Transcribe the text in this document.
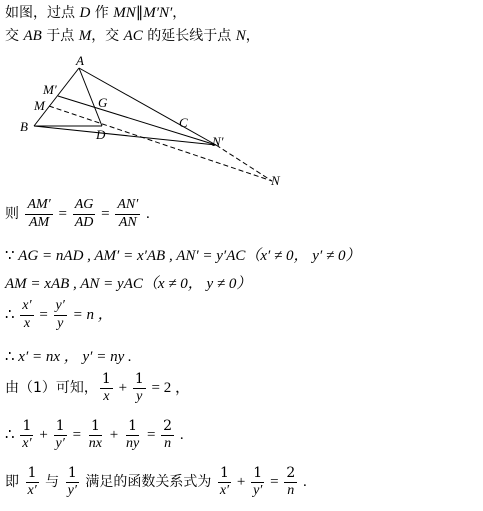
如图，过点 D 作 MN∥M′N′，
交 AB 于点 M，交 AC 的延长线于点 N，
A
M′
M	G
B
D
C
N′
N
则 $\frac{AM'}{AM} = \frac{AG}{AD} = \frac{AN'}{AN}$ .
∵ AG = nAD , AM′ = x′AB , AN′ = y′AC（x′ ≠ 0， y′ ≠ 0）
AM = xAB , AN = yAC（x ≠ 0， y ≠ 0）
∴ $\frac{x'}{x} = \frac{y'}{y} = n$ ，
∴ x′ = nx ， y′ = ny .
由（1）可知， $\frac{1}{x} + \frac{1}{y} = 2$ ，
∴ $\frac{1}{x'} + \frac{1}{y'} = \frac{1}{nx} + \frac{1}{ny} = \frac{2}{n}$ .
即 $\frac{1}{x'}$ 与 $\frac{1}{y'}$ 满足的函数关系式为 $\frac{1}{x'} + \frac{1}{y'} = \frac{2}{n}$ .
